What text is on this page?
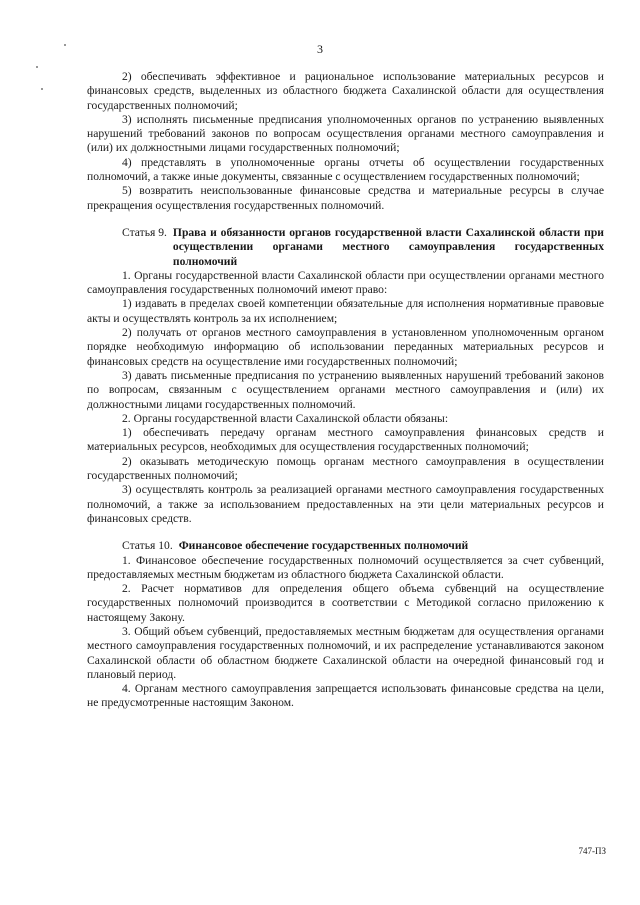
3

2) обеспечивать эффективное и рациональное использование материальных ресурсов и финансовых средств, выделенных из областного бюджета Сахалинской области для осуществления государственных полномочий;

3) исполнять письменные предписания уполномоченных органов по устранению выявленных нарушений требований законов по вопросам осуществления органами местного самоуправления и (или) их должностными лицами государственных полномочий;

4) представлять в уполномоченные органы отчеты об осуществлении государственных полномочий, а также иные документы, связанные с осуществлением государственных полномочий;

5) возвратить неиспользованные финансовые средства и материальные ресурсы в случае прекращения осуществления государственных полномочий.

Статья 9. Права и обязанности органов государственной власти Сахалинской области при осуществлении органами местного самоуправления государственных полномочий

1. Органы государственной власти Сахалинской области при осуществлении органами местного самоуправления государственных полномочий имеют право:

1) издавать в пределах своей компетенции обязательные для исполнения нормативные правовые акты и осуществлять контроль за их исполнением;

2) получать от органов местного самоуправления в установленном уполномоченным органом порядке необходимую информацию об использовании переданных материальных ресурсов и финансовых средств на осуществление ими государственных полномочий;

3) давать письменные предписания по устранению выявленных нарушений требований законов по вопросам, связанным с осуществлением органами местного самоуправления и (или) их должностными лицами государственных полномочий.

2. Органы государственной власти Сахалинской области обязаны:

1) обеспечивать передачу органам местного самоуправления финансовых средств и материальных ресурсов, необходимых для осуществления государственных полномочий;

2) оказывать методическую помощь органам местного самоуправления в осуществлении государственных полномочий;

3) осуществлять контроль за реализацией органами местного самоуправления государственных полномочий, а также за использованием предоставленных на эти цели материальных ресурсов и финансовых средств.

Статья 10. Финансовое обеспечение государственных полномочий

1. Финансовое обеспечение государственных полномочий осуществляется за счет субвенций, предоставляемых местным бюджетам из областного бюджета Сахалинской области.

2. Расчет нормативов для определения общего объема субвенций на осуществление государственных полномочий производится в соответствии с Методикой согласно приложению к настоящему Закону.

3. Общий объем субвенций, предоставляемых местным бюджетам для осуществления органами местного самоуправления государственных полномочий, и их распределение устанавливаются законом Сахалинской области об областном бюджете Сахалинской области на очередной финансовый год и плановый период.

4. Органам местного самоуправления запрещается использовать финансовые средства на цели, не предусмотренные настоящим Законом.

747-ПЗ
